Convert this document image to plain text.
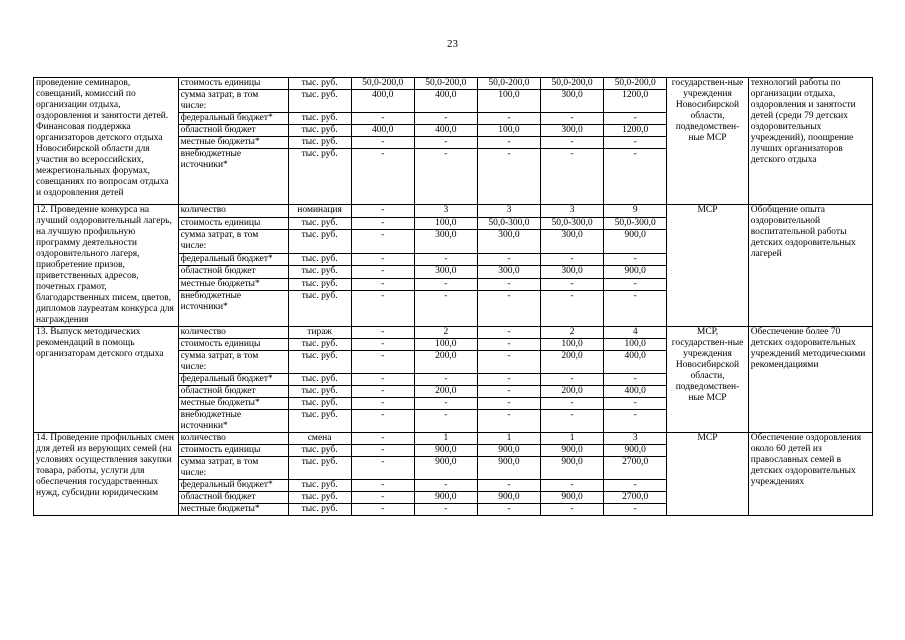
23
проведение семинаров, совещаний, комиссий по организации отдыха, оздоровления и занятости детей. Финансовая поддержка организаторов детского отдыха Новосибирской области для участия во всероссийских, межрегиональных форумах, совещаниях по вопросам отдыха и оздоровления детей	стоимость единицы	тыс. руб.	50,0-200,0	50,0-200,0	50,0-200,0	50,0-200,0	50,0-200,0	государствен-ные учреждения Новосибирской области, подведомствен-ные МСР	технологий работы по организации отдыха, оздоровления и занятости детей (среди 79 детских оздоровительных учреждений), поощрение лучших организаторов детского отдыха
	сумма затрат, в том числе:	тыс. руб.	400,0	400,0	100,0	300,0	1200,0		
	федеральный бюджет*	тыс. руб.	-	-	-	-	-		
	областной бюджет	тыс. руб.	400,0	400,0	100,0	300,0	1200,0		
	местные бюджеты*	тыс. руб.	-	-	-	-	-		
	внебюджетные источники*	тыс. руб.	-	-	-	-	-		
12. Проведение конкурса на лучший оздоровительный лагерь, на лучшую профильную программу деятельности оздоровительного лагеря, приобретение призов, приветственных адресов, почетных грамот, благодарственных писем, цветов, дипломов лауреатам конкурса для награждения	количество	номинация	-	3	3	3	9	МСР	Обобщение опыта оздоровительной воспитательной работы детских оздоровительных лагерей
	стоимость единицы	тыс. руб.	-	100,0	50,0-300,0	50,0-300,0	50,0-300,0		
	сумма затрат, в том числе:	тыс. руб.	-	300,0	300,0	300,0	900,0		
	федеральный бюджет*	тыс. руб.	-	-	-	-	-		
	областной бюджет	тыс. руб.	-	300,0	300,0	300,0	900,0		
	местные бюджеты*	тыс. руб.	-	-	-	-	-		
	внебюджетные источники*	тыс. руб.	-	-	-	-	-		
13. Выпуск методических рекомендаций в помощь организаторам детского отдыха	количество	тираж	-	2	-	2	4	МСР, государствен-ные учреждения Новосибирской области, подведомствен-ные МСР	Обеспечение более 70 детских оздоровительных учреждений методическими рекомендациями
	стоимость единицы	тыс. руб.	-	100,0	-	100,0	100,0		
	сумма затрат, в том числе:	тыс. руб.	-	200,0	-	200,0	400,0		
	федеральный бюджет*	тыс. руб.	-	-	-	-	-		
	областной бюджет	тыс. руб.	-	200,0	-	200,0	400,0		
	местные бюджеты*	тыс. руб.	-	-	-	-	-		
	внебюджетные источники*	тыс. руб.	-	-	-	-	-		
14. Проведение профильных смен для детей из верующих семей (на условиях осуществления закупки товара, работы, услуги для обеспечения государственных нужд, субсидии юридическим	количество	смена	-	1	1	1	3	МСР	Обеспечение оздоровления около 60 детей из православных семей в детских оздоровительных учреждениях
	стоимость единицы	тыс. руб.	-	900,0	900,0	900,0	900,0		
	сумма затрат, в том числе:	тыс. руб.	-	900,0	900,0	900,0	2700,0		
	федеральный бюджет*	тыс. руб.	-	-	-	-	-		
	областной бюджет	тыс. руб.	-	900,0	900,0	900,0	2700,0		
	местные бюджеты*	тыс. руб.	-	-	-	-	-		
